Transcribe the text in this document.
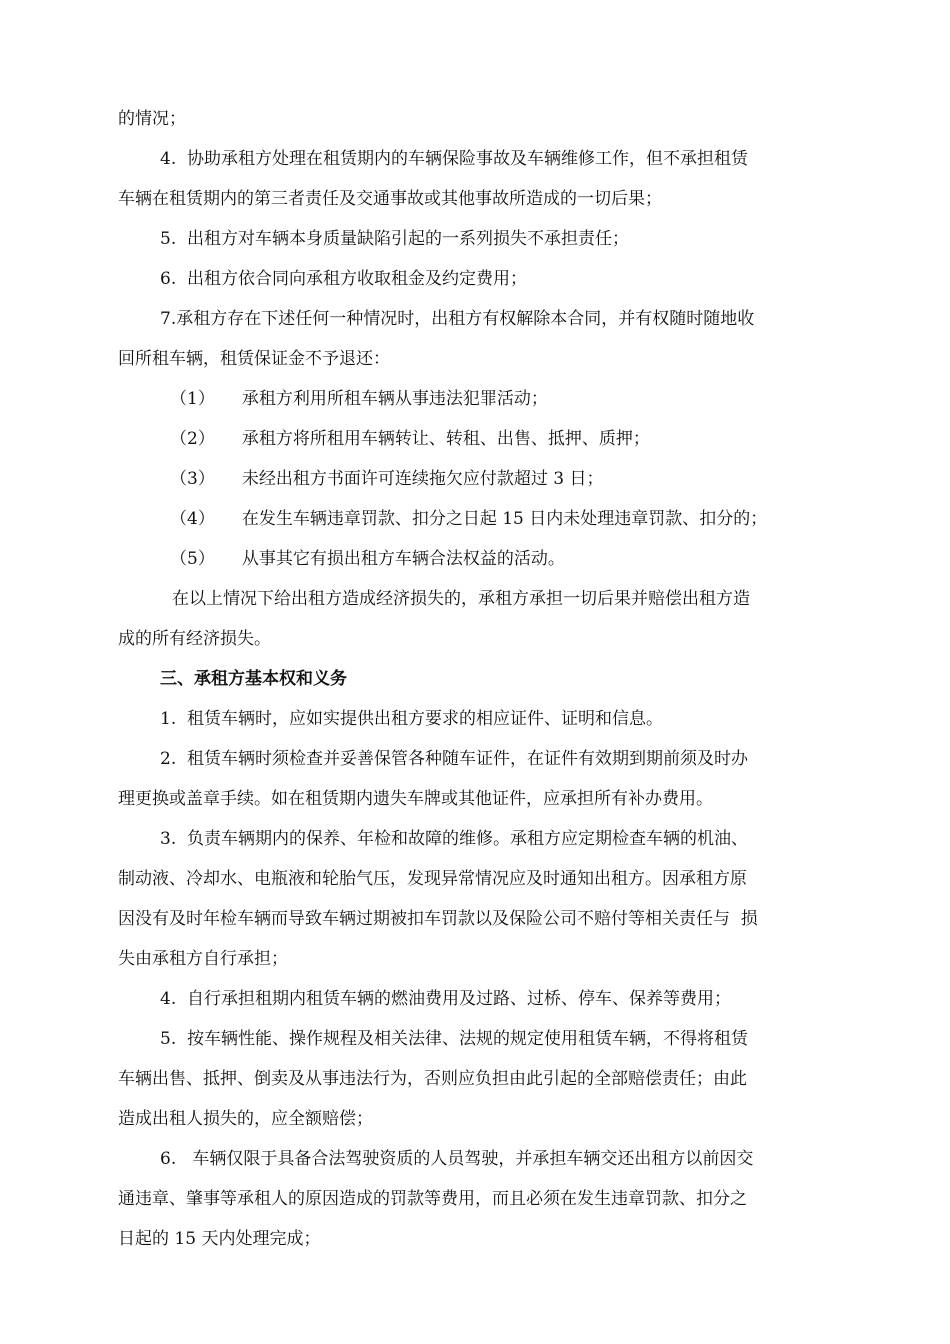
的情况；
4.  协助承租方处理在租赁期内的车辆保险事故及车辆维修工作，但不承担租赁
车辆在租赁期内的第三者责任及交通事故或其他事故所造成的一切后果；
5.  出租方对车辆本身质量缺陷引起的一系列损失不承担责任；
6.  出租方依合同向承租方收取租金及约定费用；
7.承租方存在下述任何一种情况时，出租方有权解除本合同，并有权随时随地收
回所租车辆，租赁保证金不予退还：
（1）     承租方利用所租车辆从事违法犯罪活动；
（2）     承租方将所租用车辆转让、转租、出售、抵押、质押；
（3）     未经出租方书面许可连续拖欠应付款超过 3 日；
（4）     在发生车辆违章罚款、扣分之日起 15 日内未处理违章罚款、扣分的；
（5）     从事其它有损出租方车辆合法权益的活动。
在以上情况下给出租方造成经济损失的，承租方承担一切后果并赔偿出租方造
成的所有经济损失。
三、承租方基本权和义务
1.  租赁车辆时，应如实提供出租方要求的相应证件、证明和信息。
2.  租赁车辆时须检查并妥善保管各种随车证件，在证件有效期到期前须及时办
理更换或盖章手续。如在租赁期内遗失车牌或其他证件，应承担所有补办费用。
3.  负责车辆期内的保养、年检和故障的维修。承租方应定期检查车辆的机油、
制动液、冷却水、电瓶液和轮胎气压，发现异常情况应及时通知出租方。因承租方原
因没有及时年检车辆而导致车辆过期被扣车罚款以及保险公司不赔付等相关责任与  损
失由承租方自行承担；
4.  自行承担租期内租赁车辆的燃油费用及过路、过桥、停车、保养等费用；
5.  按车辆性能、操作规程及相关法律、法规的规定使用租赁车辆，不得将租赁
车辆出售、抵押、倒卖及从事违法行为，否则应负担由此引起的全部赔偿责任；由此
造成出租人损失的，应全额赔偿；
6.   车辆仅限于具备合法驾驶资质的人员驾驶，并承担车辆交还出租方以前因交
通违章、肇事等承租人的原因造成的罚款等费用，而且必须在发生违章罚款、扣分之
日起的 15 天内处理完成；
